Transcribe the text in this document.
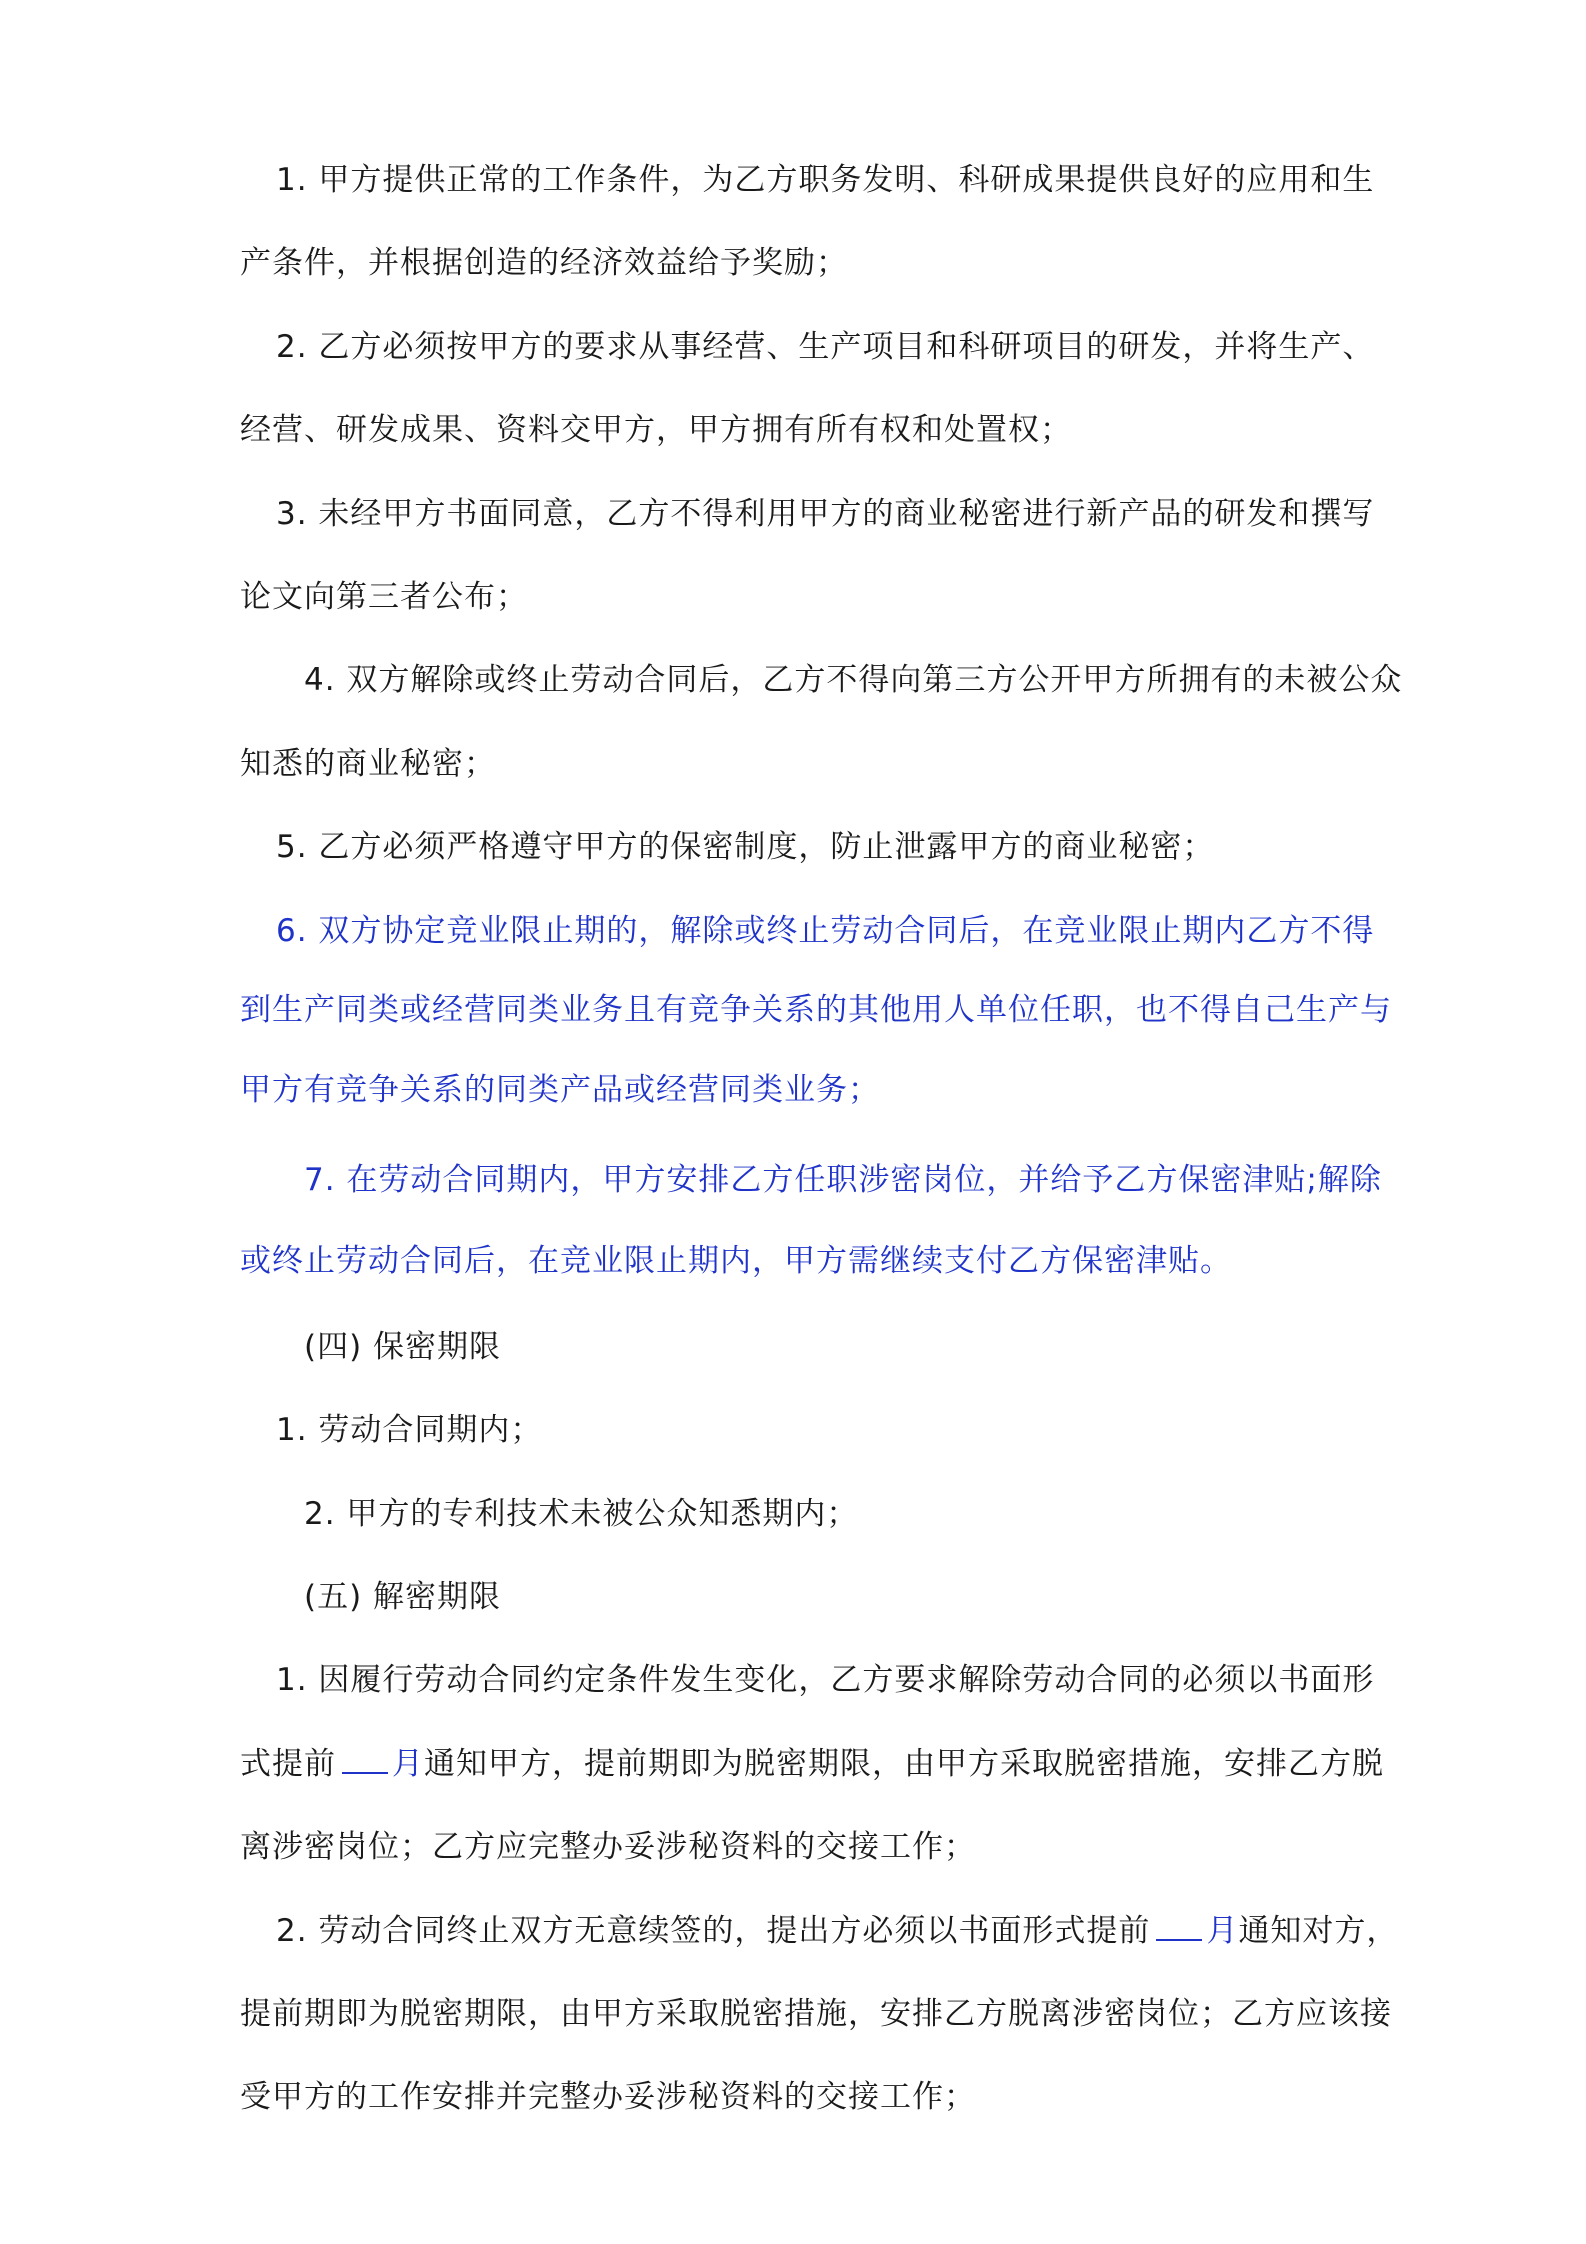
1. 甲方提供正常的工作条件，为乙方职务发明、科研成果提供良好的应用和生
产条件，并根据创造的经济效益给予奖励；
2. 乙方必须按甲方的要求从事经营、生产项目和科研项目的研发，并将生产、
经营、研发成果、资料交甲方，甲方拥有所有权和处置权；
3. 未经甲方书面同意，乙方不得利用甲方的商业秘密进行新产品的研发和撰写
论文向第三者公布；
4. 双方解除或终止劳动合同后，乙方不得向第三方公开甲方所拥有的未被公众
知悉的商业秘密；
5. 乙方必须严格遵守甲方的保密制度，防止泄露甲方的商业秘密；
6. 双方协定竞业限止期的，解除或终止劳动合同后，在竞业限止期内乙方不得
到生产同类或经营同类业务且有竞争关系的其他用人单位任职，也不得自己生产与
甲方有竞争关系的同类产品或经营同类业务；
7. 在劳动合同期内，甲方安排乙方任职涉密岗位，并给予乙方保密津贴;解除
或终止劳动合同后，在竞业限止期内，甲方需继续支付乙方保密津贴。
(四) 保密期限
1. 劳动合同期内；
2. 甲方的专利技术未被公众知悉期内；
(五) 解密期限
1. 因履行劳动合同约定条件发生变化，乙方要求解除劳动合同的必须以书面形
式提前 月通知甲方，提前期即为脱密期限，由甲方采取脱密措施，安排乙方脱
离涉密岗位；乙方应完整办妥涉秘资料的交接工作；
2. 劳动合同终止双方无意续签的，提出方必须以书面形式提前 月通知对方，
提前期即为脱密期限，由甲方采取脱密措施，安排乙方脱离涉密岗位；乙方应该接
受甲方的工作安排并完整办妥涉秘资料的交接工作；
